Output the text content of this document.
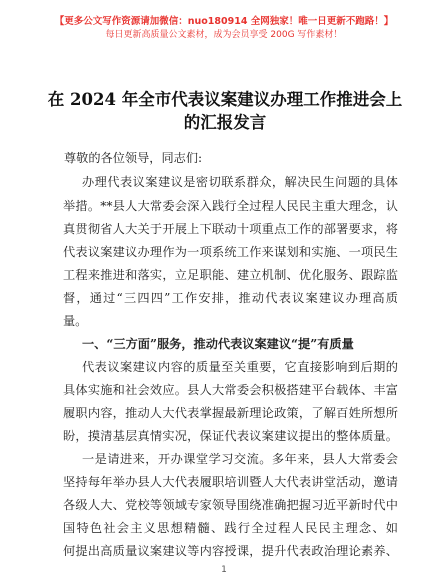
【更多公文写作资源请加微信：nuo180914 全网独家！唯一日更新不跑路！】
每日更新高质量公文素材，成为会员享受 200G 写作素材！
在 2024 年全市代表议案建议办理工作推进会上
的汇报发言
尊敬的各位领导，同志们:
办理代表议案建议是密切联系群众，解决民生问题的具体
举措。**县人大常委会深入践行全过程人民民主重大理念，认
真贯彻省人大关于开展上下联动十项重点工作的部署要求，将
代表议案建议办理作为一项系统工作来谋划和实施、一项民生
工程来推进和落实，立足职能、建立机制、优化服务、跟踪监
督，通过“三四四”工作安排，推动代表议案建议办理高质
量。
一、“三方面”服务，推动代表议案建议“提”有质量
代表议案建议内容的质量至关重要，它直接影响到后期的
具体实施和社会效应。县人大常委会积极搭建平台载体、丰富
履职内容，推动人大代表掌握最新理论政策，了解百姓所想所
盼，摸清基层真情实况，保证代表议案建议提出的整体质量。
一是请进来，开办课堂学习交流。多年来，县人大常委会
坚持每年举办县人大代表履职培训暨人大代表讲堂活动，邀请
各级人大、党校等领域专家领导围绕准确把握习近平新时代中
国特色社会主义思想精髓、践行全过程人民民主理念、如
何提出高质量议案建议等内容授课，提升代表政治理论素养、
1
